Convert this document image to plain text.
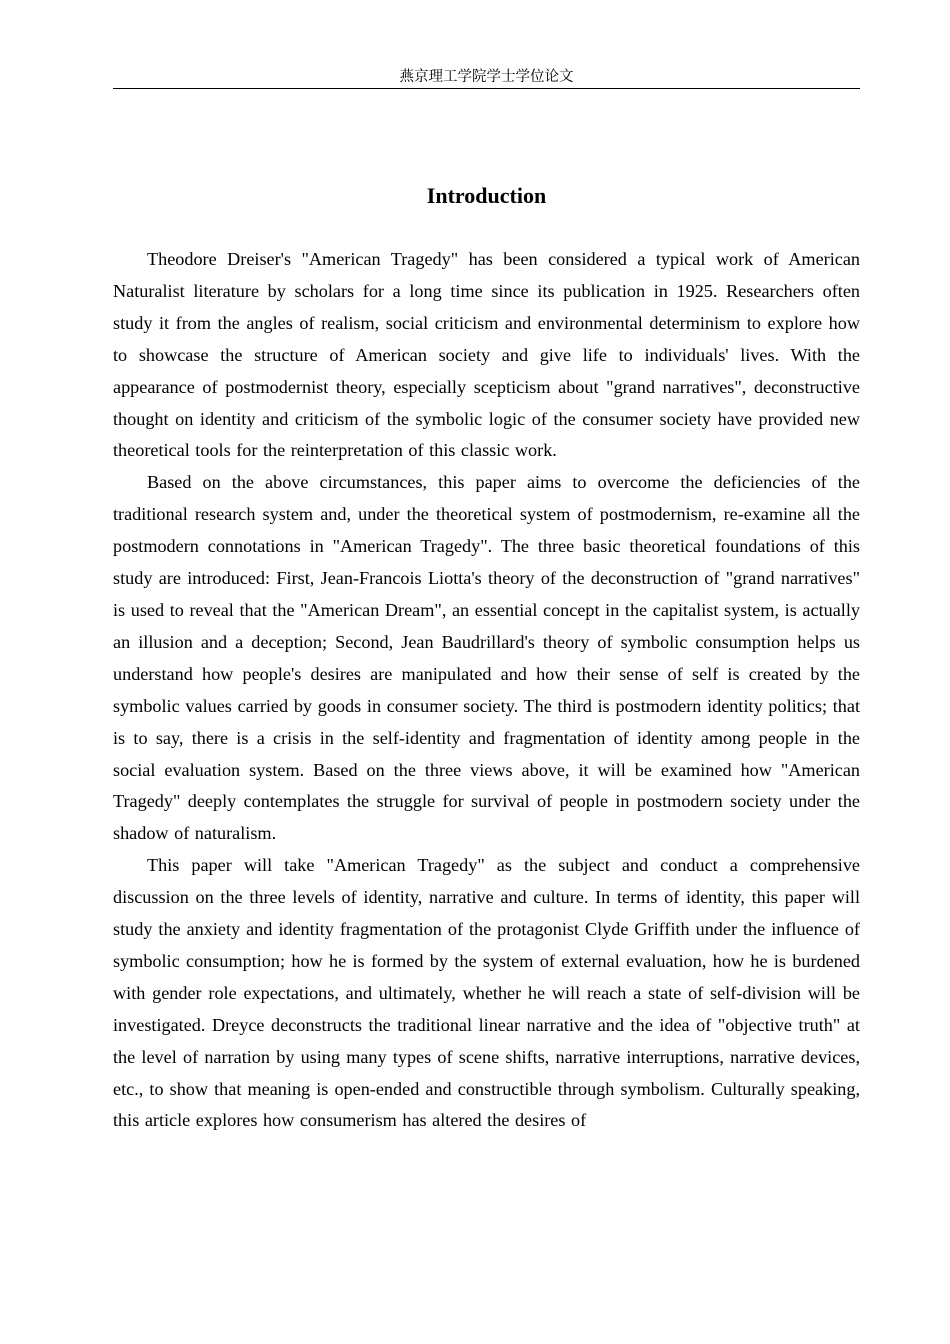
燕京理工学院学士学位论文
Introduction

Theodore Dreiser's "American Tragedy" has been considered a typical work of American Naturalist literature by scholars for a long time since its publication in 1925. Researchers often study it from the angles of realism, social criticism and environmental determinism to explore how to showcase the structure of American society and give life to individuals' lives. With the appearance of postmodernist theory, especially scepticism about "grand narratives", deconstructive thought on identity and criticism of the symbolic logic of the consumer society have provided new theoretical tools for the reinterpretation of this classic work.

Based on the above circumstances, this paper aims to overcome the deficiencies of the traditional research system and, under the theoretical system of postmodernism, re-examine all the postmodern connotations in "American Tragedy". The three basic theoretical foundations of this study are introduced: First, Jean-Francois Liotta's theory of the deconstruction of "grand narratives" is used to reveal that the "American Dream", an essential concept in the capitalist system, is actually an illusion and a deception; Second, Jean Baudrillard's theory of symbolic consumption helps us understand how people's desires are manipulated and how their sense of self is created by the symbolic values carried by goods in consumer society. The third is postmodern identity politics; that is to say, there is a crisis in the self-identity and fragmentation of identity among people in the social evaluation system. Based on the three views above, it will be examined how "American Tragedy" deeply contemplates the struggle for survival of people in postmodern society under the shadow of naturalism.

This paper will take "American Tragedy" as the subject and conduct a comprehensive discussion on the three levels of identity, narrative and culture. In terms of identity, this paper will study the anxiety and identity fragmentation of the protagonist Clyde Griffith under the influence of symbolic consumption; how he is formed by the system of external evaluation, how he is burdened with gender role expectations, and ultimately, whether he will reach a state of self-division will be investigated. Dreyce deconstructs the traditional linear narrative and the idea of "objective truth" at the level of narration by using many types of scene shifts, narrative interruptions, narrative devices, etc., to show that meaning is open-ended and constructible through symbolism. Culturally speaking, this article explores how consumerism has altered the desires of
